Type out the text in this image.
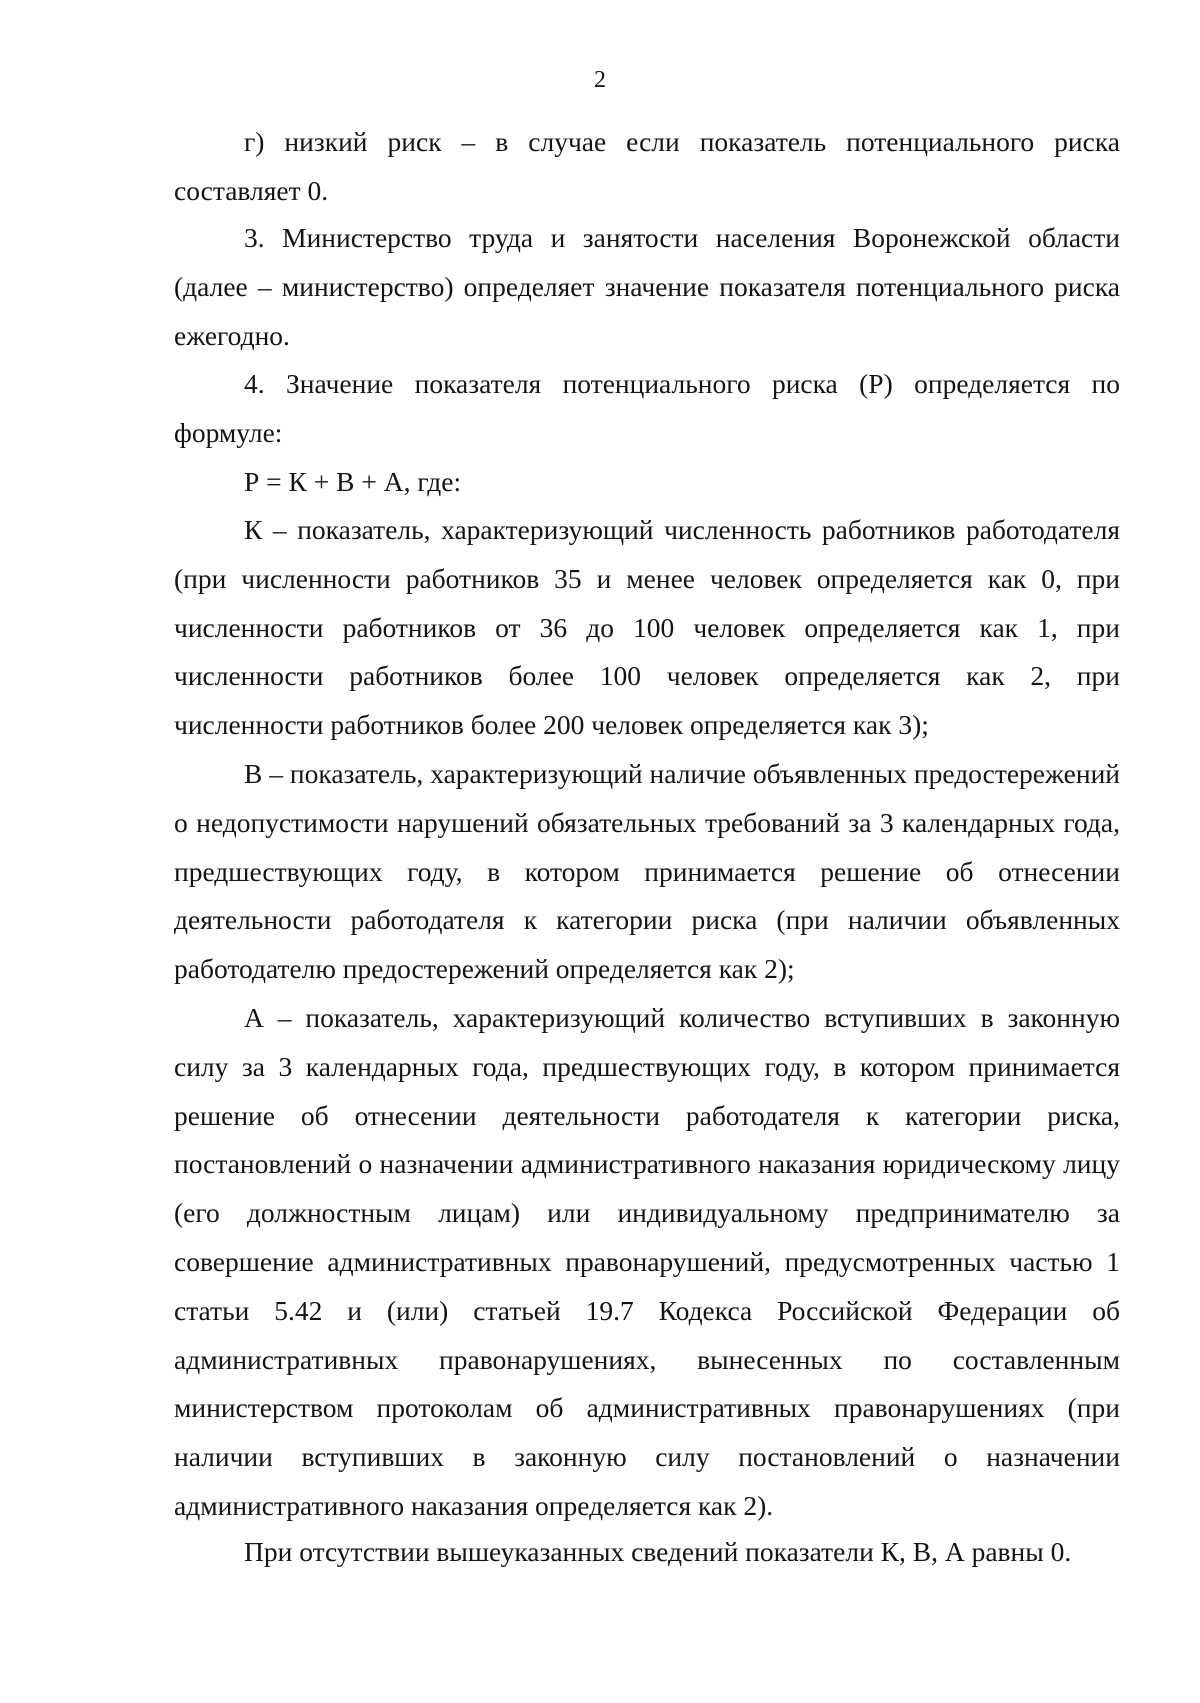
2

г) низкий риск – в случае если показатель потенциального риска составляет 0.

3. Министерство труда и занятости населения Воронежской области (далее – министерство) определяет значение показателя потенциального риска ежегодно.

4. Значение показателя потенциального риска (Р) определяется по формуле:

Р = К + В + А, где:

К – показатель, характеризующий численность работников работодателя (при численности работников 35 и менее человек определяется как 0, при численности работников от 36 до 100 человек определяется как 1, при численности работников более 100 человек определяется как 2, при численности работников более 200 человек определяется как 3);

В – показатель, характеризующий наличие объявленных предостережений о недопустимости нарушений обязательных требований за 3 календарных года, предшествующих году, в котором принимается решение об отнесении деятельности работодателя к категории риска (при наличии объявленных работодателю предостережений определяется как 2);

А – показатель, характеризующий количество вступивших в законную силу за 3 календарных года, предшествующих году, в котором принимается решение об отнесении деятельности работодателя к категории риска, постановлений о назначении административного наказания юридическому лицу (его должностным лицам) или индивидуальному предпринимателю за совершение административных правонарушений, предусмотренных частью 1 статьи 5.42 и (или) статьей 19.7 Кодекса Российской Федерации об административных правонарушениях, вынесенных по составленным министерством протоколам об административных правонарушениях (при наличии вступивших в законную силу постановлений о назначении административного наказания определяется как 2).

При отсутствии вышеуказанных сведений показатели К, В, А равны 0.
